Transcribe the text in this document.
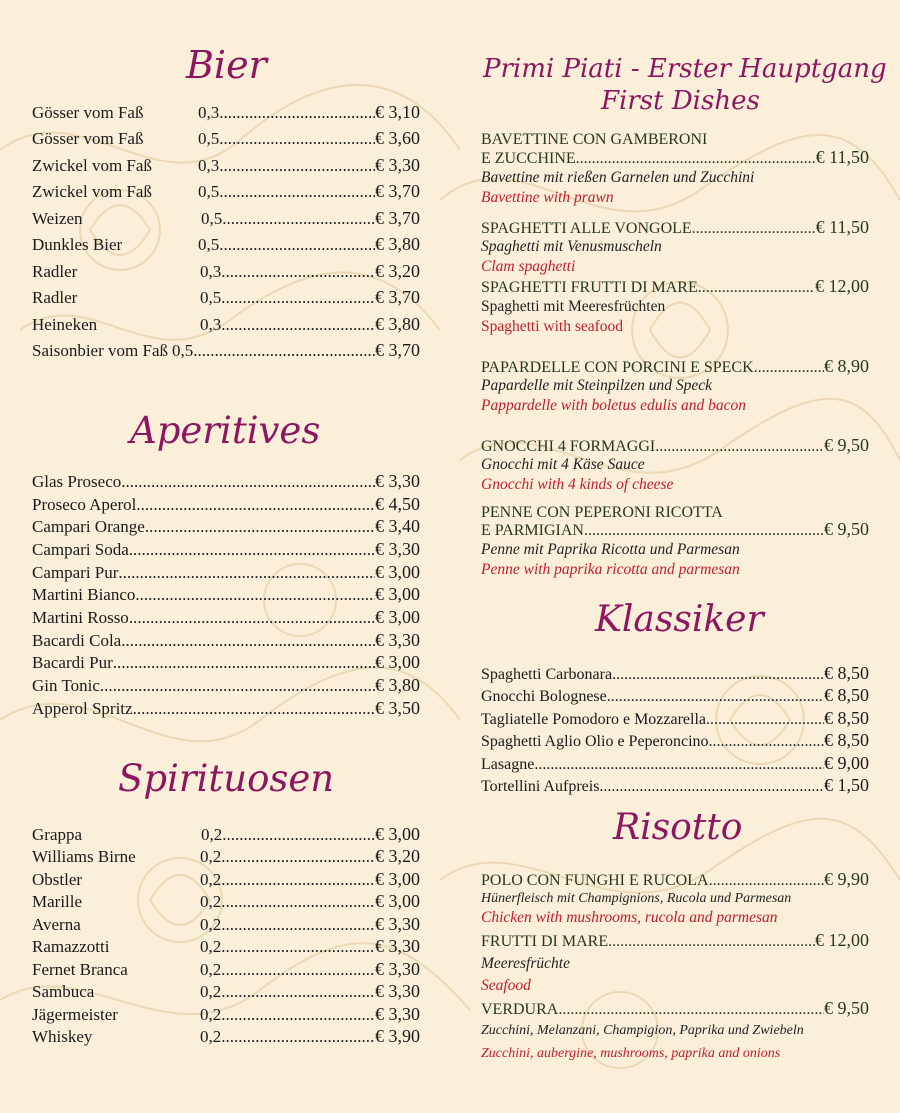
Bier
Gösser vom Faß	0,3 .....	€ 3,10
Gösser vom Faß	0,5 .....	€ 3,60
Zwickel vom Faß	0,3 .....	€ 3,30
Zwickel vom Faß	0,5 .....	€ 3,70
Weizen	0,5 .....	€ 3,70
Dunkles Bier	0,5 .....	€ 3,80
Radler	0,3 .....	€ 3,20
Radler	0,5 .....	€ 3,70
Heineken	0,3 .....	€ 3,80
Saisonbier vom Faß 0,5 .....	€ 3,70
Aperitives
Glas Proseco .....	€ 3,30
Proseco Aperol .....	€ 4,50
Campari Orange .....	€ 3,40
Campari Soda .....	€ 3,30
Campari Pur .....	€ 3,00
Martini Bianco .....	€ 3,00
Martini Rosso .....	€ 3,00
Bacardi Cola .....	€ 3,30
Bacardi Pur .....	€ 3,00
Gin Tonic .....	€ 3,80
Apperol Spritz .....	€ 3,50
Spirituosen
Grappa	0,2 .....	€ 3,00
Williams Birne	0,2 .....	€ 3,20
Obstler	0,2 .....	€ 3,00
Marille	0,2 .....	€ 3,00
Averna	0,2 .....	€ 3,30
Ramazzotti	0,2 .....	€ 3,30
Fernet Branca	0,2 .....	€ 3,30
Sambuca	0,2 .....	€ 3,30
Jägermeister	0,2 .....	€ 3,30
Whiskey	0,2 .....	€ 3,90
Primi Piati - Erster Hauptgang
First Dishes

BAVETTINE CON GAMBERONI

E ZUCCHINE .....	€ 11,50

Bavettine mit rießen Garnelen und Zucchini

Bavettine with prawn

SPAGHETTI ALLE VONGOLE .....	€ 11,50

Spaghetti mit Venusmuscheln

Clam spaghetti

SPAGHETTI FRUTTI DI MARE .....	€ 12,00

Spaghetti mit Meeresfrüchten

Spaghetti with seafood

PAPARDELLE CON PORCINI E SPECK .....	€ 8,90

Papardelle mit Steinpilzen und Speck

Pappardelle with boletus edulis and bacon

GNOCCHI 4 FORMAGGI .....	€ 9,50

Gnocchi mit 4 Käse Sauce

Gnocchi with 4 kinds of cheese

PENNE CON PEPERONI RICOTTA

E PARMIGIAN .....	€ 9,50

Penne mit Paprika Ricotta und Parmesan

Penne with paprika ricotta and parmesan

Klassiker
Spaghetti Carbonara .....	€ 8,50
Gnocchi Bolognese .....	€ 8,50
Tagliatelle Pomodoro e Mozzarella .....	€ 8,50
Spaghetti Aglio Olio e Peperoncino .....	€ 8,50
Lasagne .....	€ 9,00
Tortellini Aufpreis .....	€ 1,50
Risotto
POLO CON FUNGHI E RUCOLA .....	€ 9,90

Hünerfleisch mit Champignions, Rucola und Parmesan

Chicken with mushrooms, rucola and parmesan

FRUTTI DI MARE .....	€ 12,00

Meeresfrüchte

Seafood

VERDURA .....	€ 9,50

Zucchini, Melanzani, Champigion, Paprika und Zwiebeln

Zucchini, aubergine, mushrooms, paprika and onions
